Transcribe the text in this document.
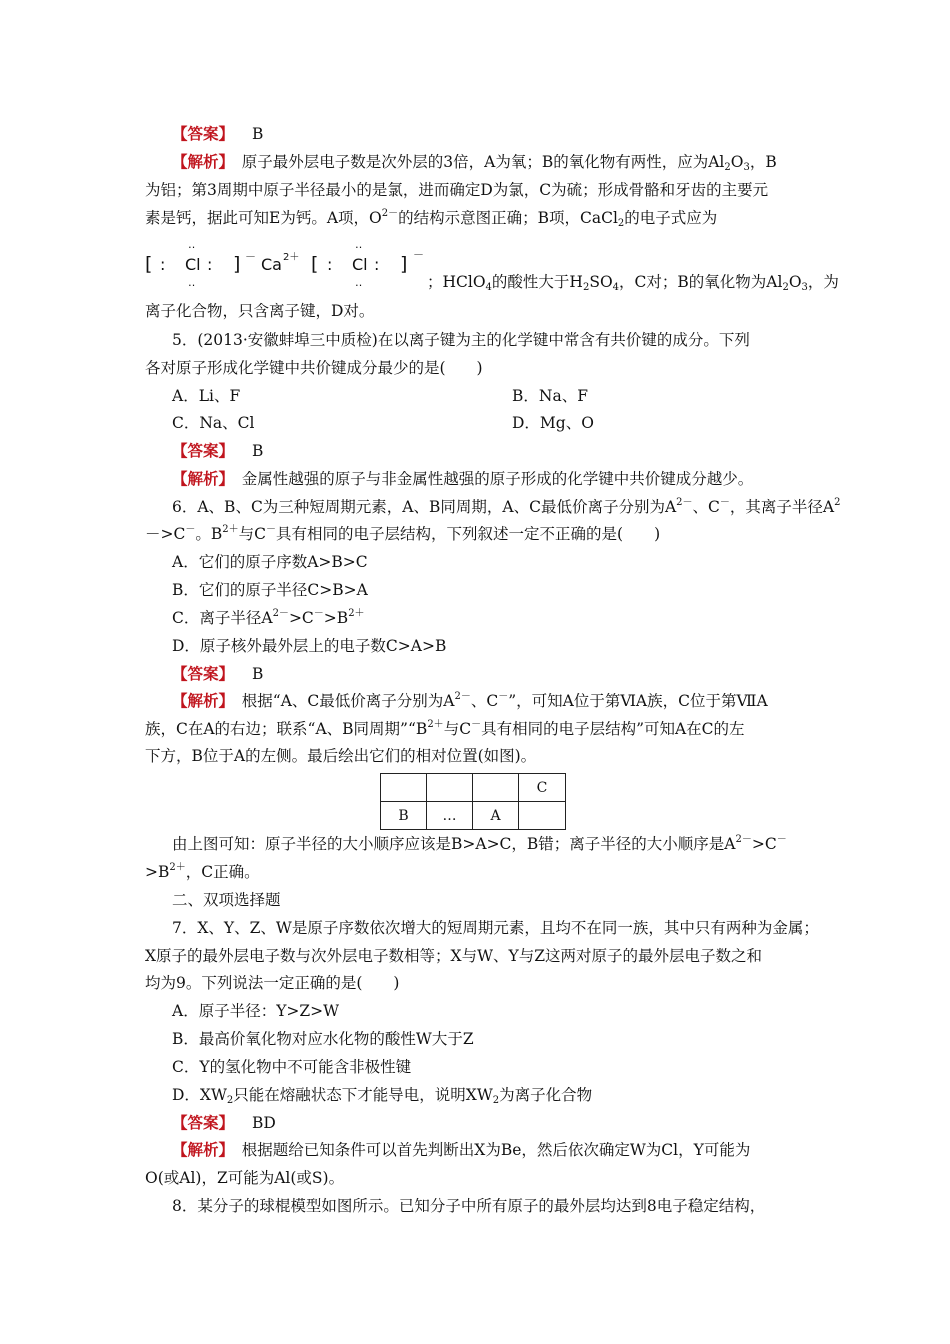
【答案】 B
【解析】　 原子最外层电子数是次外层的3倍，A为氧；B的氧化物有两性，应为$Al_2O_3$，B
为铝；第3周期中原子半径最小的是氯，进而确定D为氯，C为硫；形成骨骼和牙齿的主要元
素是钙，据此可知E为钙。A项，$O^{2-}$的结构示意图正确；B项，CaCl$_2$的电子式应为
‥	‥
[ : Cl : ] － Ca 2＋ [ : Cl : ] －
‥	‥	；HClO$_4$的酸性大于$H_2SO_4$，C对；B的氧化物为$Al_2O_3$，为
离子化合物，只含离子键，D对。
5．(2013·安徽蚌埠三中质检)在以离子键为主的化学键中常含有共价键的成分。下列
各对原子形成化学键中共价键成分最少的是(　　)
A．Li、F	B．Na、F
C．Na、Cl	D．Mg、O
【答案】 B
【解析】　 金属性越强的原子与非金属性越强的原子形成的化学键中共价键成分越少。
6．A、B、C为三种短周期元素，A、B同周期，A、C最低价离子分别为$A^{2-}$、C－，其离子半径$A^2$
－>C－。$B^{2+}$与C－具有相同的电子层结构，下列叙述一定不正确的是(　　)
A．它们的原子序数A>B>C
B．它们的原子半径C>B>A
C．离子半径$A^{2-}>C^->B^{2+}$
D．原子核外最外层上的电子数C>A>B
【答案】 B
【解析】　 根据“A、C最低价离子分别为$A^{2-}$、C－”，可知A位于第ⅥA族，C位于第ⅦA
族，C在A的右边；联系“A、B同周期$”“B^{2+}$与C－具有相同的电子层结构”可知A在C的左
下方，B位于A的左侧。最后绘出它们的相对位置(如图)。
			C
B	…	A	
由上图可知：原子半径的大小顺序应该是B>A>C，B错；离子半径的大小顺序是$A^{2-}>C^-$
$>B^{2+}$，C正确。
二、双项选择题
7．X、Y、Z、W是原子序数依次增大的短周期元素，且均不在同一族，其中只有两种为金属；
X原子的最外层电子数与次外层电子数相等；X与W、Y与Z这两对原子的最外层电子数之和
均为9。下列说法一定正确的是(　　)
A．原子半径：Y>Z>W
B．最高价氧化物对应水化物的酸性W大于Z
C．Y的氢化物中不可能含非极性键
D．$XW_2$只能在熔融状态下才能导电，说明$XW_2$为离子化合物
【答案】 BD
【解析】　 根据题给已知条件可以首先判断出X为Be，然后依次确定W为Cl，Y可能为
O(或Al)，Z可能为Al(或S)。
8．某分子的球棍模型如图所示。已知分子中所有原子的最外层均达到8电子稳定结构，
